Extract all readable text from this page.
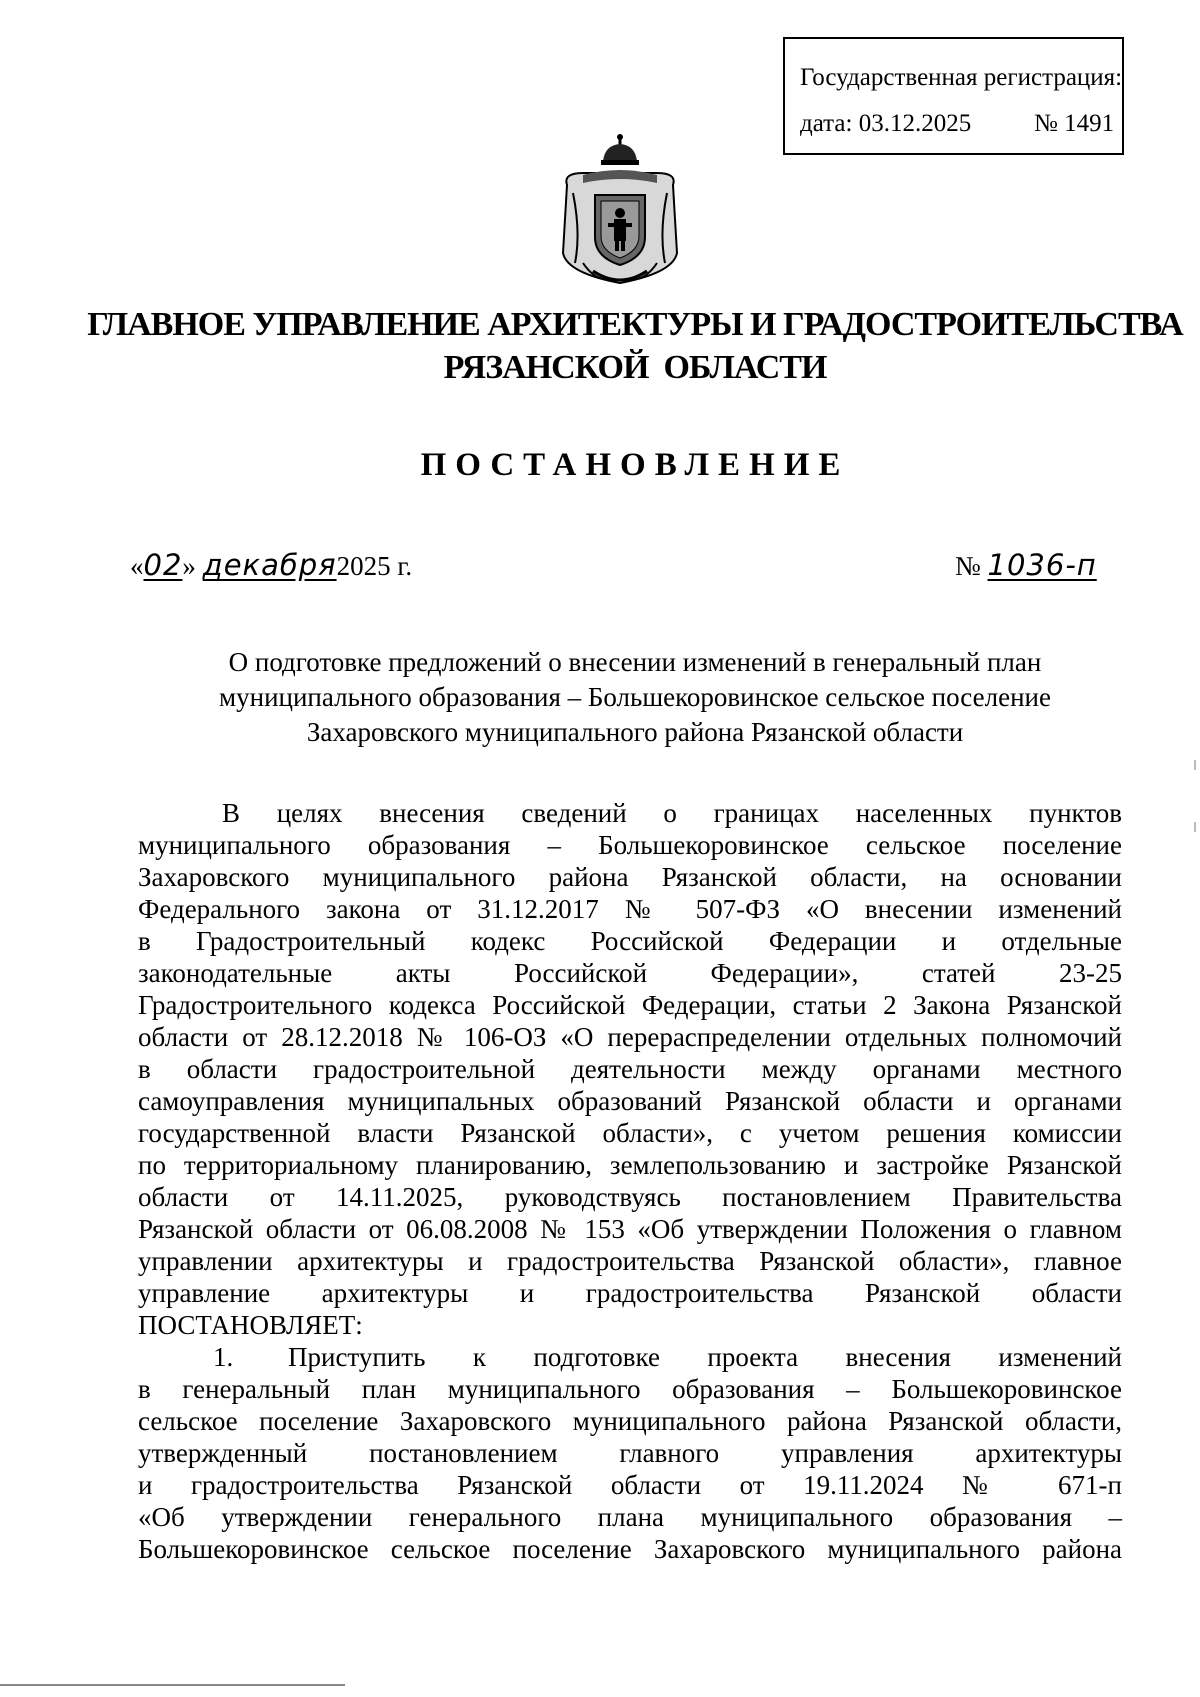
Государственная регистрация:
дата: 03.12.2025	№ 1491
ГЛАВНОЕ УПРАВЛЕНИЕ АРХИТЕКТУРЫ И ГРАДОСТРОИТЕЛЬСТВА
РЯЗАНСКОЙ  ОБЛАСТИ
ПОСТАНОВЛЕНИЕ
«02» декабря2025 г.	№ 1036-п
О подготовке предложений о внесении изменений в генеральный план
муниципального образования – Большекоровинское сельское поселение
Захаровского муниципального района Рязанской области
В целях внесения сведений о границах населенных пунктов
муниципального образования – Большекоровинское сельское поселение
Захаровского муниципального района Рязанской области, на основании
Федерального закона от 31.12.2017 № 507-ФЗ «О внесении изменений
в Градостроительный кодекс Российской Федерации и отдельные
законодательные акты Российской Федерации», статей 23-25
Градостроительного кодекса Российской Федерации, статьи 2 Закона Рязанской
области от 28.12.2018 № 106-ОЗ «О перераспределении отдельных полномочий
в области градостроительной деятельности между органами местного
самоуправления муниципальных образований Рязанской области и органами
государственной власти Рязанской области», с учетом решения комиссии
по территориальному планированию, землепользованию и застройке Рязанской
области от 14.11.2025, руководствуясь постановлением Правительства
Рязанской области от 06.08.2008 № 153 «Об утверждении Положения о главном
управлении архитектуры и градостроительства Рязанской области», главное
управление архитектуры и градостроительства Рязанской области
ПОСТАНОВЛЯЕТ:
1.	Приступить к подготовке проекта внесения изменений
в генеральный план муниципального образования – Большекоровинское
сельское поселение Захаровского муниципального района Рязанской области,
утвержденный постановлением главного управления архитектуры
и градостроительства Рязанской области от 19.11.2024 № 671-п
«Об утверждении генерального плана муниципального образования –
Большекоровинское сельское поселение Захаровского муниципального района
